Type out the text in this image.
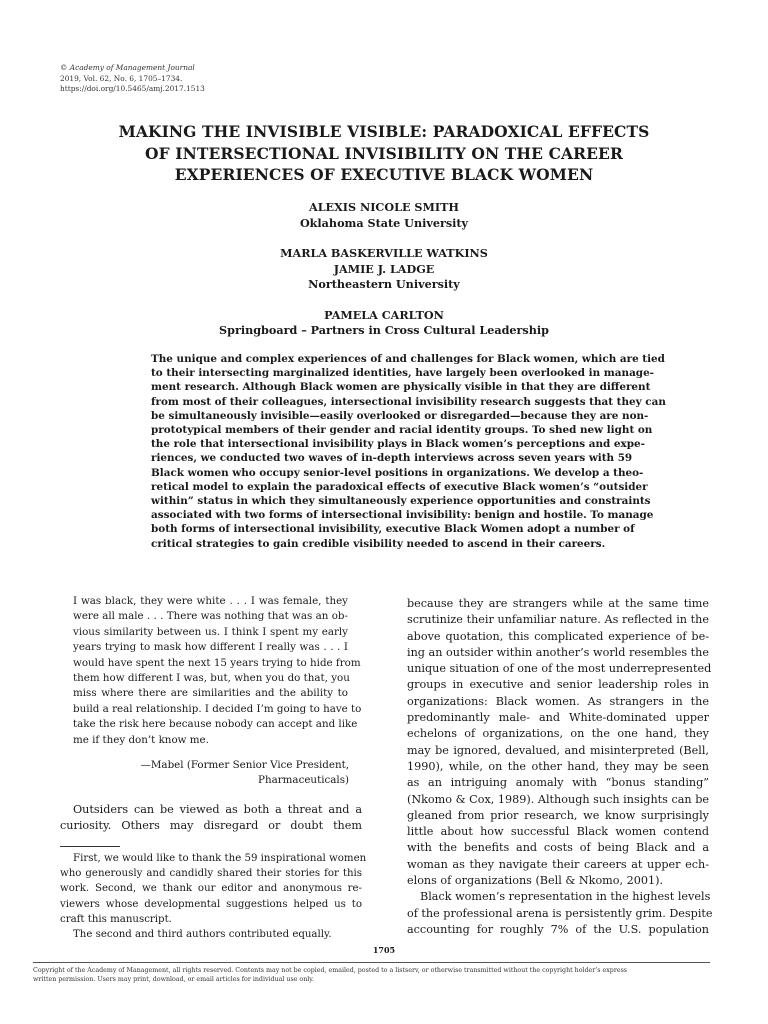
© Academy of Management Journal
2019, Vol. 62, No. 6, 1705–1734.
https://doi.org/10.5465/amj.2017.1513
MAKING THE INVISIBLE VISIBLE: PARADOXICAL EFFECTS
OF INTERSECTIONAL INVISIBILITY ON THE CAREER
EXPERIENCES OF EXECUTIVE BLACK WOMEN
ALEXIS NICOLE SMITH
Oklahoma State University
MARLA BASKERVILLE WATKINS
JAMIE J. LADGE
Northeastern University
PAMELA CARLTON
Springboard – Partners in Cross Cultural Leadership
The unique and complex experiences of and challenges for Black women, which are tied
to their intersecting marginalized identities, have largely been overlooked in manage-
ment research. Although Black women are physically visible in that they are different
from most of their colleagues, intersectional invisibility research suggests that they can
be simultaneously invisible—easily overlooked or disregarded—because they are non-
prototypical members of their gender and racial identity groups. To shed new light on
the role that intersectional invisibility plays in Black women’s perceptions and expe-
riences, we conducted two waves of in-depth interviews across seven years with 59
Black women who occupy senior-level positions in organizations. We develop a theo-
retical model to explain the paradoxical effects of executive Black women’s “outsider
within” status in which they simultaneously experience opportunities and constraints
associated with two forms of intersectional invisibility: benign and hostile. To manage
both forms of intersectional invisibility, executive Black Women adopt a number of
critical strategies to gain credible visibility needed to ascend in their careers.
I was black, they were white . . . I was female, they
were all male . . . There was nothing that was an ob-
vious similarity between us. I think I spent my early
years trying to mask how different I really was . . . I
would have spent the next 15 years trying to hide from
them how different I was, but, when you do that, you
miss where there are similarities and the ability to
build a real relationship. I decided I’m going to have to
take the risk here because nobody can accept and like
me if they don’t know me.
—Mabel (Former Senior Vice President,
Pharmaceuticals)
Outsiders can be viewed as both a threat and a
curiosity. Others may disregard or doubt them
First, we would like to thank the 59 inspirational women
who generously and candidly shared their stories for this
work. Second, we thank our editor and anonymous re-
viewers whose developmental suggestions helped us to
craft this manuscript.
The second and third authors contributed equally.
because they are strangers while at the same time
scrutinize their unfamiliar nature. As reflected in the
above quotation, this complicated experience of be-
ing an outsider within another’s world resembles the
unique situation of one of the most underrepresented
groups in executive and senior leadership roles in
organizations: Black women. As strangers in the
predominantly male- and White-dominated upper
echelons of organizations, on the one hand, they
may be ignored, devalued, and misinterpreted (Bell,
1990), while, on the other hand, they may be seen
as an intriguing anomaly with “bonus standing”
(Nkomo & Cox, 1989). Although such insights can be
gleaned from prior research, we know surprisingly
little about how successful Black women contend
with the benefits and costs of being Black and a
woman as they navigate their careers at upper ech-
elons of organizations (Bell & Nkomo, 2001).
Black women’s representation in the highest levels
of the professional arena is persistently grim. Despite
accounting for roughly 7% of the U.S. population
1705
Copyright of the Academy of Management, all rights reserved. Contents may not be copied, emailed, posted to a listserv, or otherwise transmitted without the copyright holder’s express
written permission. Users may print, download, or email articles for individual use only.
